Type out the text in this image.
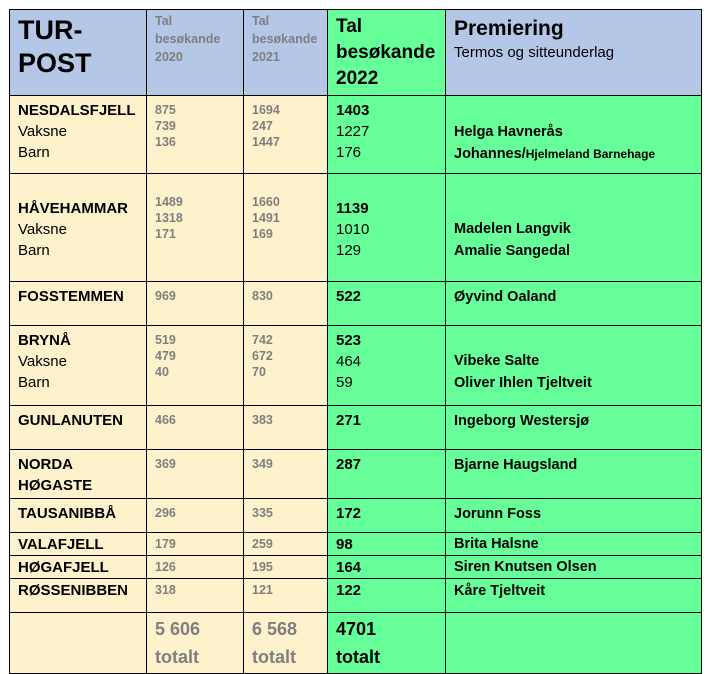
TUR-
POST	Tal
besøkande
2020	Tal
besøkande
2021	Tal
besøkande
2022	Premiering
Termos og sitteunderlag

NESDALSFJELL
Vaksne
Barn	875
739
136	1694
247
1447	1403
1227
176	Helga Havnerås
Johannes/Hjelmeland Barnehage

HÅVEHAMMAR
Vaksne
Barn	1489
1318
171	1660
1491
169	1139
1010
129	Madelen Langvik
Amalie Sangedal

FOSSTEMMEN	969	830	522	Øyvind Oaland

BRYNÅ
Vaksne
Barn	519
479
40	742
672
70	523
464
59	Vibeke Salte
Oliver Ihlen Tjeltveit

GUNLANUTEN	466	383	271	Ingeborg Westersjø

NORDA
HØGASTE	369	349	287	Bjarne Haugsland

TAUSANIBBÅ	296	335	172	Jorunn Foss

VALAFJELL	179	259	98	Brita Halsne

HØGAFJELL	126	195	164	Siren Knutsen Olsen

RØSSENIBBEN	318	121	122	Kåre Tjeltveit

	5 606
totalt	6 568
totalt	4701
totalt	
